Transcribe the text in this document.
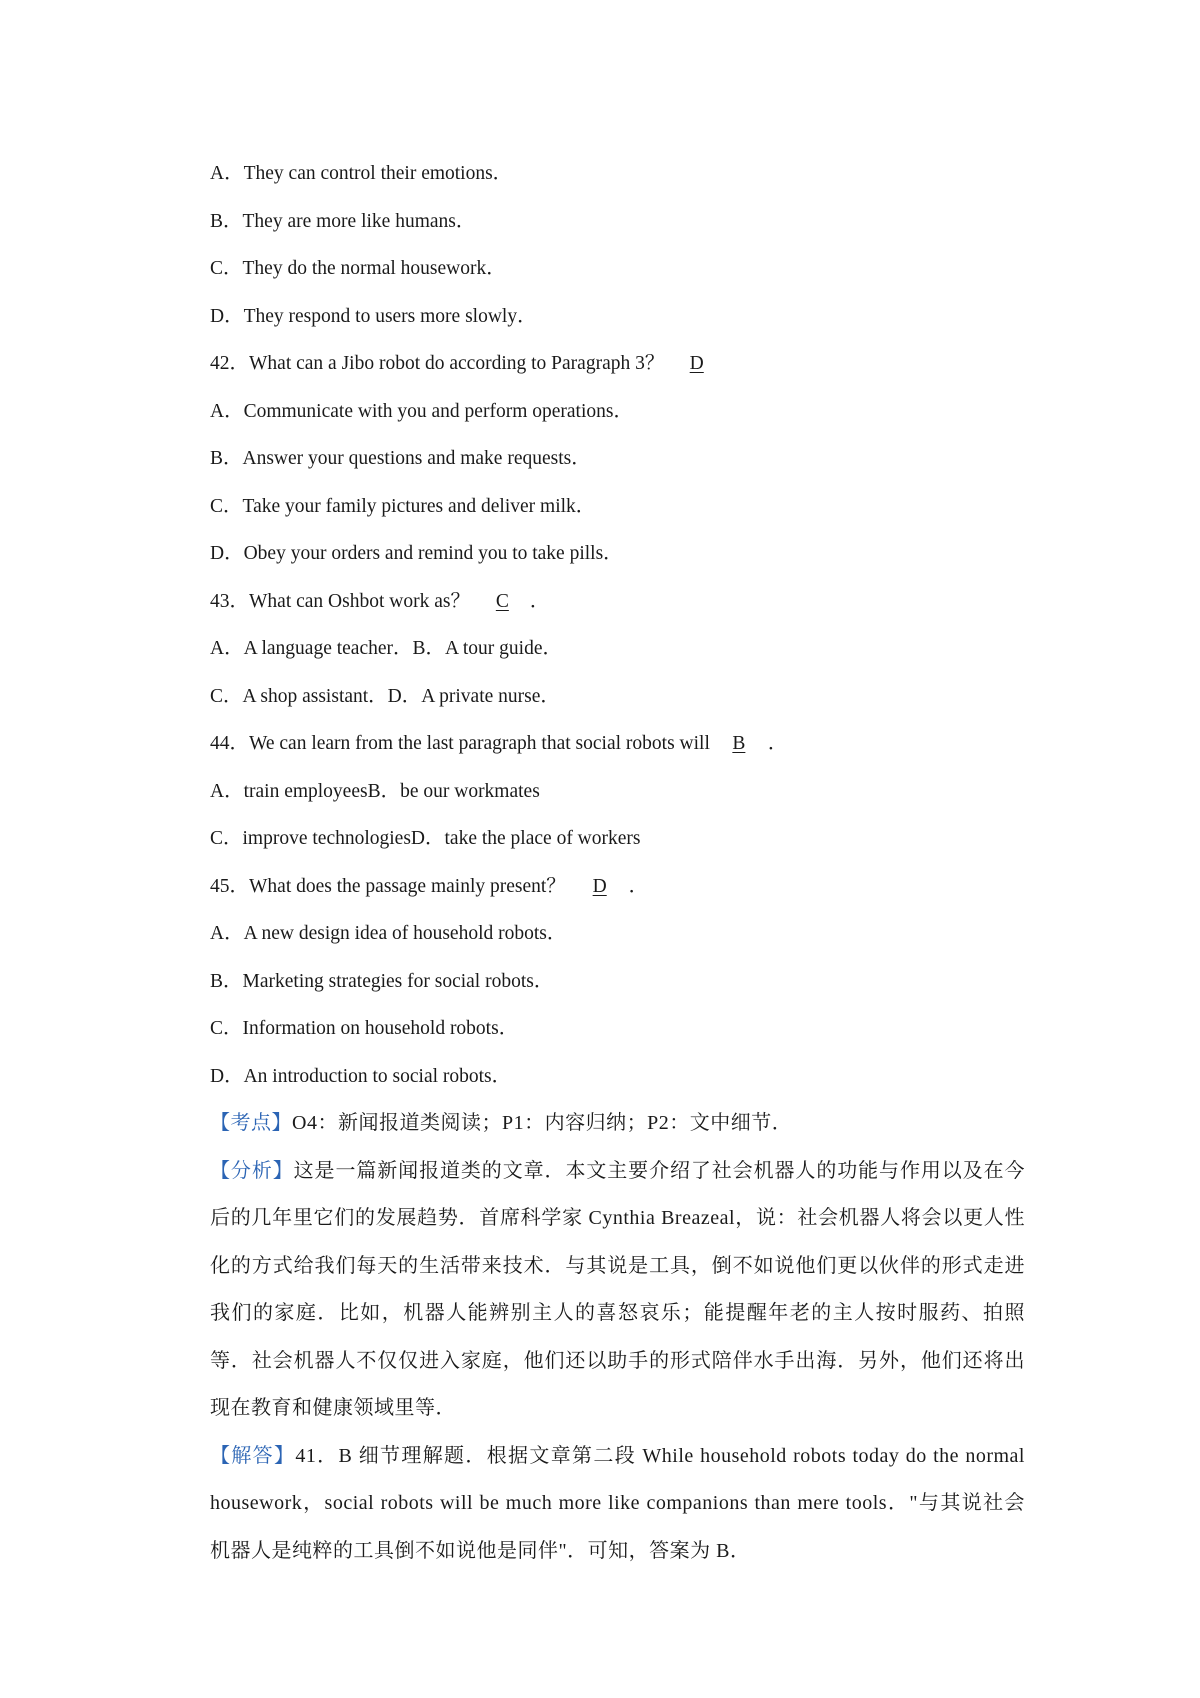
A．They can control their emotions．
B．They are more like humans．
C．They do the normal housework．
D．They respond to users more slowly．
42．What can a Jibo robot do according to Paragraph 3？ D
A．Communicate with you and perform operations．
B．Answer your questions and make requests．
C．Take your family pictures and deliver milk．
D．Obey your orders and remind you to take pills．
43．What can Oshbot work as？ C ．
A．A language teacher．B．A tour guide．
C．A shop assistant．D．A private nurse．
44．We can learn from the last paragraph that social robots will B ．
A．train employeesB．be our workmates
C．improve technologiesD．take the place of workers
45．What does the passage mainly present？ D ．
A．A new design idea of household robots．
B．Marketing strategies for social robots．
C．Information on household robots．
D．An introduction to social robots．
【考点】O4：新闻报道类阅读；P1：内容归纳；P2：文中细节．

【分析】这是一篇新闻报道类的文章．本文主要介绍了社会机器人的功能与作用以及在今后的几年里它们的发展趋势．首席科学家 Cynthia Breazeal，说：社会机器人将会以更人性化的方式给我们每天的生活带来技术．与其说是工具，倒不如说他们更以伙伴的形式走进我们的家庭．比如，机器人能辨别主人的喜怒哀乐；能提醒年老的主人按时服药、拍照等．社会机器人不仅仅进入家庭，他们还以助手的形式陪伴水手出海．另外，他们还将出现在教育和健康领域里等．

【解答】41．B 细节理解题．根据文章第二段 While household robots today do the normal housework，social robots will be much more like companions than mere tools．"与其说社会机器人是纯粹的工具倒不如说他是同伴"．可知，答案为 B．
